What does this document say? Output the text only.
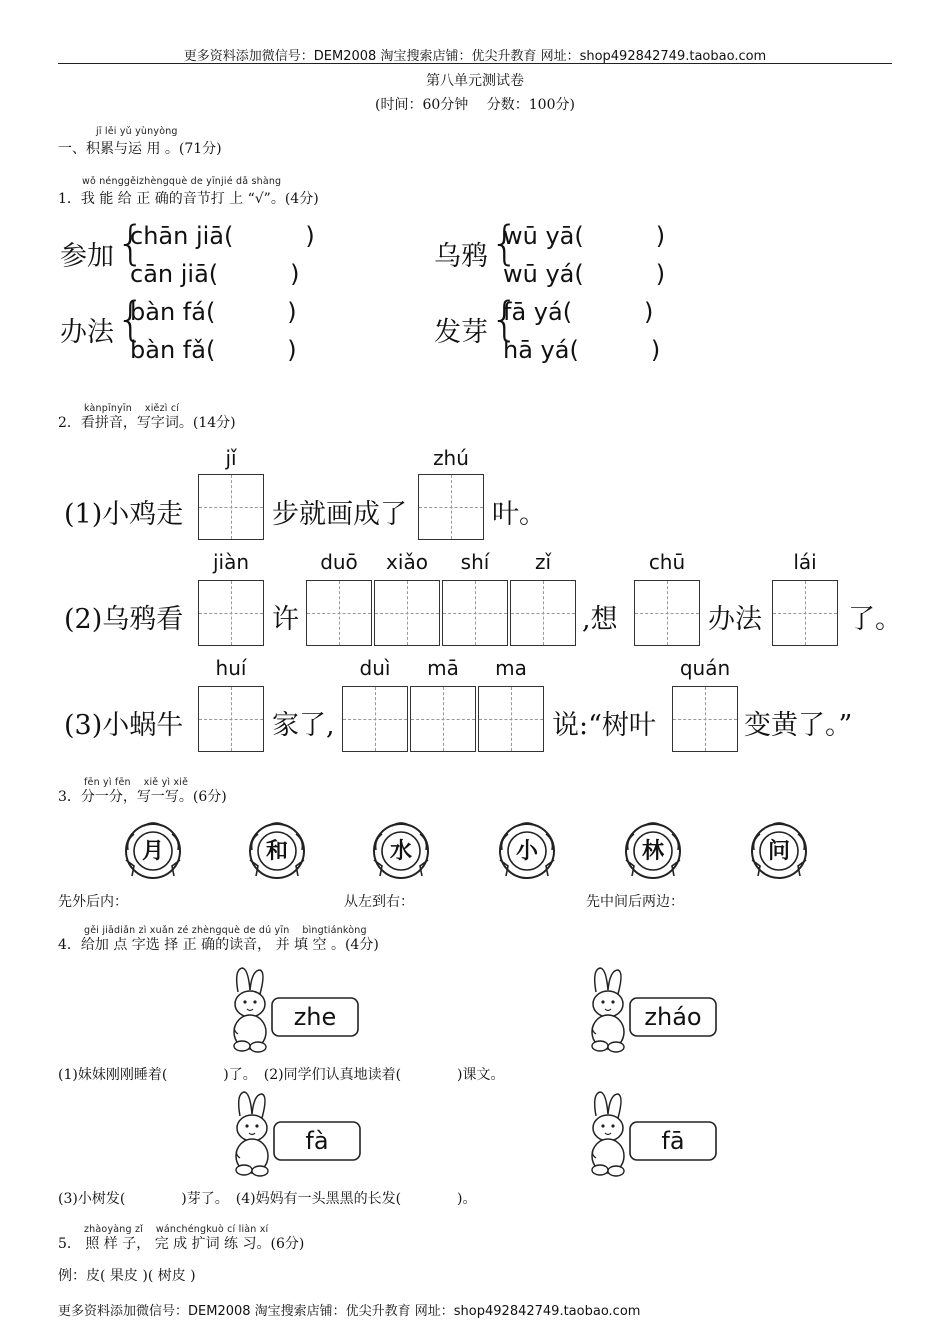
更多资料添加微信号：DEM2008 淘宝搜索店铺：优尖升教育 网址：shop492842749.taobao.com
第八单元测试卷
(时间：60分钟　 分数：100分)
jī lěi yǔ yùnyòng
一、积累与运 用 。(71分)
wǒ nénggěizhèngquè de yīnjié dǎ shàng
1．我 能 给 正 确的音节打 上 “√”。(4分)
参加 {
chān jiā(　　　)
cān jiā(　　　)
乌鸦 {
wū yā(　　　)
wū yá(　　　)
办法 {
bàn fá(　　　)
bàn fǎ(　　　)
发芽 {
fā yá(　　　)
hā yá(　　　)
kànpīnyīn　 xiězì cí
2．看拼音，写字词。(14分)
jǐ	zhú
(1)小鸡走	步就画成了	叶。
jiàn	duō	xiǎo	shí	zǐ	chū	lái
(2)乌鸦看	许	,想	办法	了。
huí	duì	mā	ma	quán
(3)小蜗牛	家了,	说:“树叶	变黄了。”
fēn yì fēn　 xiě yì xiě
3．分一分，写一写。(6分)
月	和	水	小	林	问
先外后内：	从左到右：	先中间后两边：
gěi jiādiǎn zì xuǎn zé zhèngquè de dú yīn　 bìngtiánkòng
4．给加 点 字选 择 正 确的读音， 并 填 空 。(4分)
zhe	zháo
fà	fā
(1)妹妹刚刚睡着(　　　　)了。　(2)同学们认真地读着(　　　　)课文。
(3)小树发(　　　　)芽了。　(4)妈妈有一头黑黑的长发(　　　　)。
zhàoyàng zǐ　 wánchéngkuò cí liàn xí
5． 照 样 子， 完 成 扩词 练 习。(6分)
例：皮( 果皮 )( 树皮 )
更多资料添加微信号：DEM2008 淘宝搜索店铺：优尖升教育 网址：shop492842749.taobao.com
